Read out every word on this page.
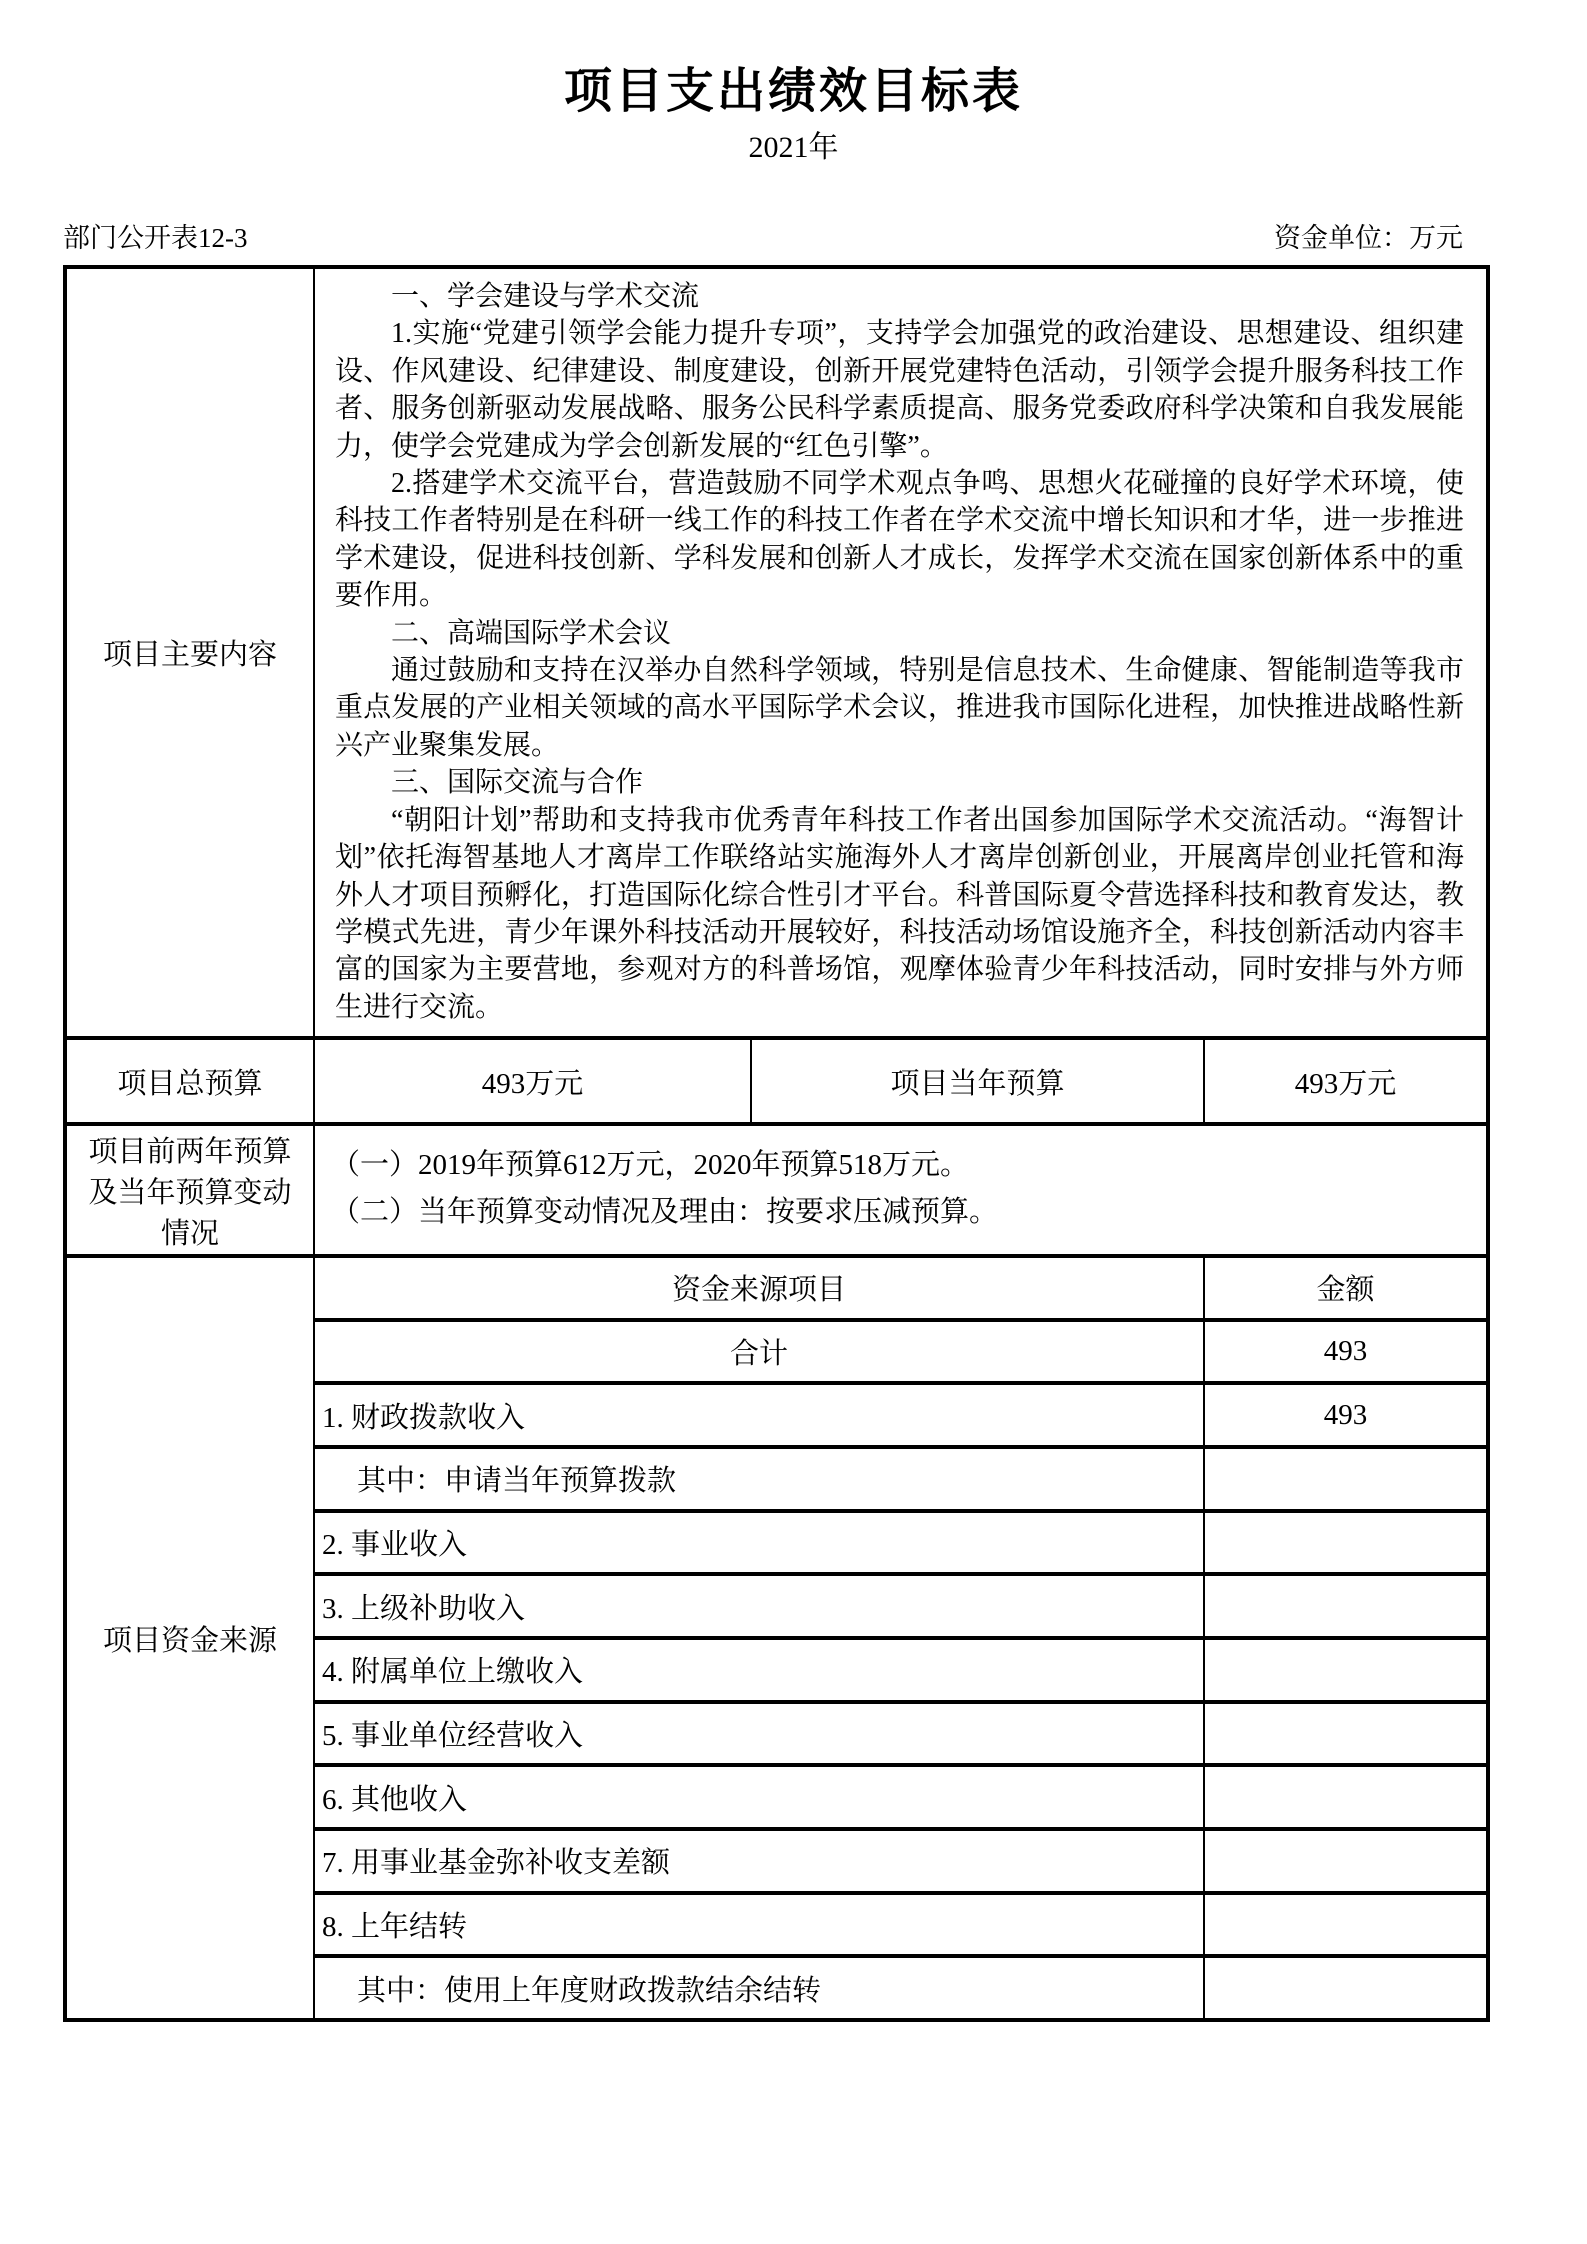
项目支出绩效目标表
2021年
部门公开表12-3	资金单位：万元
项目主要内容

一、学会建设与学术交流

1.实施“党建引领学会能力提升专项”，支持学会加强党的政治建设、思想建设、组织建设、作风建设、纪律建设、制度建设，创新开展党建特色活动，引领学会提升服务科技工作者、服务创新驱动发展战略、服务公民科学素质提高、服务党委政府科学决策和自我发展能力，使学会党建成为学会创新发展的“红色引擎”。

2.搭建学术交流平台，营造鼓励不同学术观点争鸣、思想火花碰撞的良好学术环境，使科技工作者特别是在科研一线工作的科技工作者在学术交流中增长知识和才华，进一步推进学术建设，促进科技创新、学科发展和创新人才成长，发挥学术交流在国家创新体系中的重要作用。

二、高端国际学术会议

通过鼓励和支持在汉举办自然科学领域，特别是信息技术、生命健康、智能制造等我市重点发展的产业相关领域的高水平国际学术会议，推进我市国际化进程，加快推进战略性新兴产业聚集发展。

三、国际交流与合作

“朝阳计划”帮助和支持我市优秀青年科技工作者出国参加国际学术交流活动。“海智计划”依托海智基地人才离岸工作联络站实施海外人才离岸创新创业，开展离岸创业托管和海外人才项目预孵化，打造国际化综合性引才平台。科普国际夏令营选择科技和教育发达，教学模式先进，青少年课外科技活动开展较好，科技活动场馆设施齐全，科技创新活动内容丰富的国家为主要营地，参观对方的科普场馆，观摩体验青少年科技活动，同时安排与外方师生进行交流。

项目总预算	493万元	项目当年预算	493万元
项目前两年预算及当年预算变动情况
（一）2019年预算612万元，2020年预算518万元。
（二）当年预算变动情况及理由：按要求压减预算。
项目资金来源
资金来源项目	金额
合计	493
1. 财政拨款收入	493
其中：申请当年预算拨款
2. 事业收入
3. 上级补助收入
4. 附属单位上缴收入
5. 事业单位经营收入
6. 其他收入
7. 用事业基金弥补收支差额
8. 上年结转
其中：使用上年度财政拨款结余结转
